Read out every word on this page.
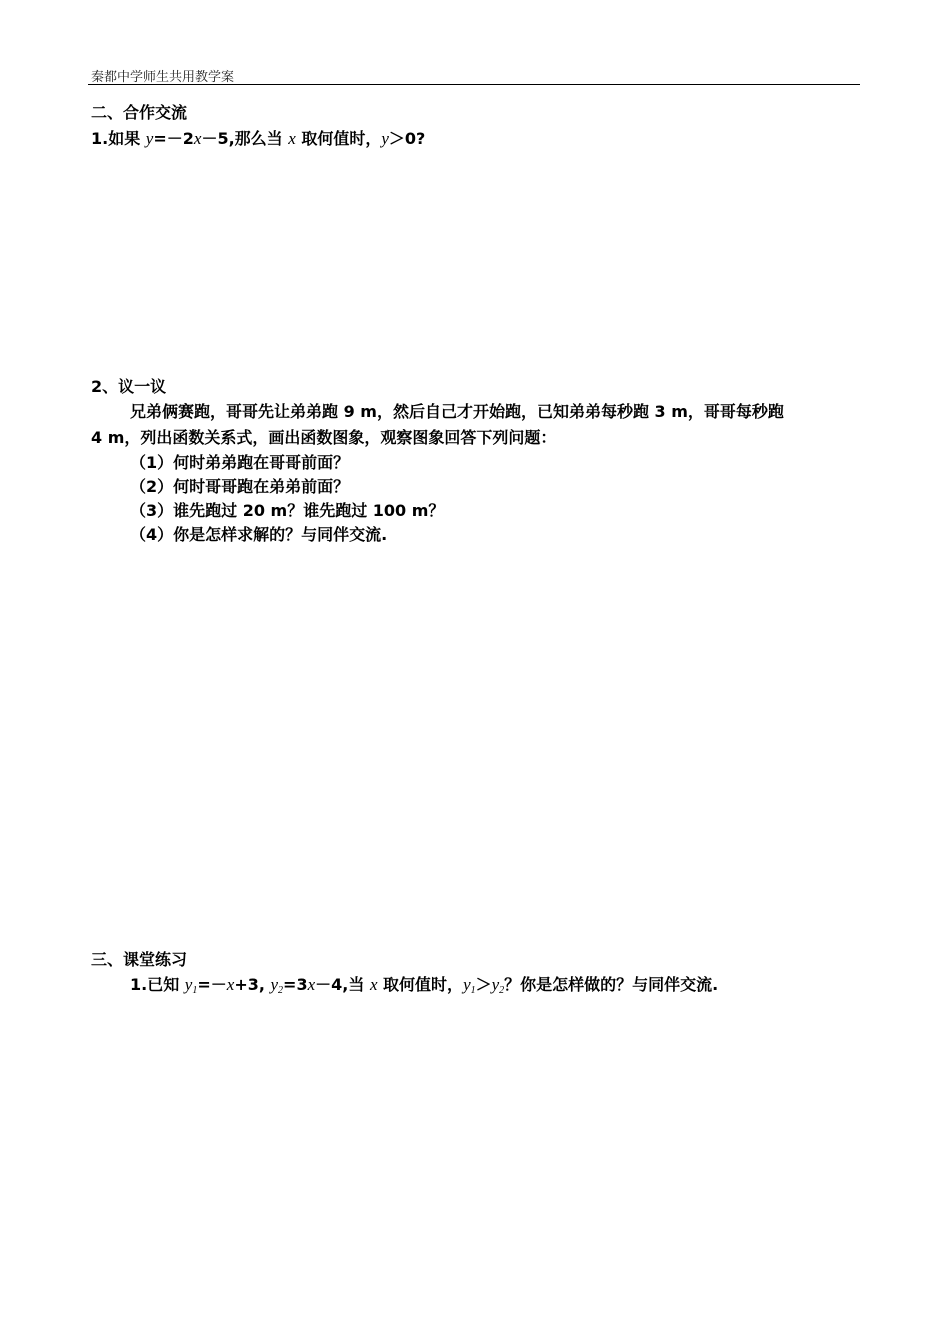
秦都中学师生共用教学案
二、合作交流
1.如果 y=－2x－5,那么当 x 取何值时，y＞0?
2、议一议
兄弟俩赛跑，哥哥先让弟弟跑 9 m，然后自己才开始跑，已知弟弟每秒跑 3 m，哥哥每秒跑
4 m，列出函数关系式，画出函数图象，观察图象回答下列问题：
（1）何时弟弟跑在哥哥前面？
（2）何时哥哥跑在弟弟前面？
（3）谁先跑过 20 m？谁先跑过 100 m？
（4）你是怎样求解的？与同伴交流.
三、课堂练习
1.已知 $y_1=-x+3$, $y_2=3x-4$,当 x 取何值时，$y_1>y_2$？你是怎样做的？与同伴交流.
